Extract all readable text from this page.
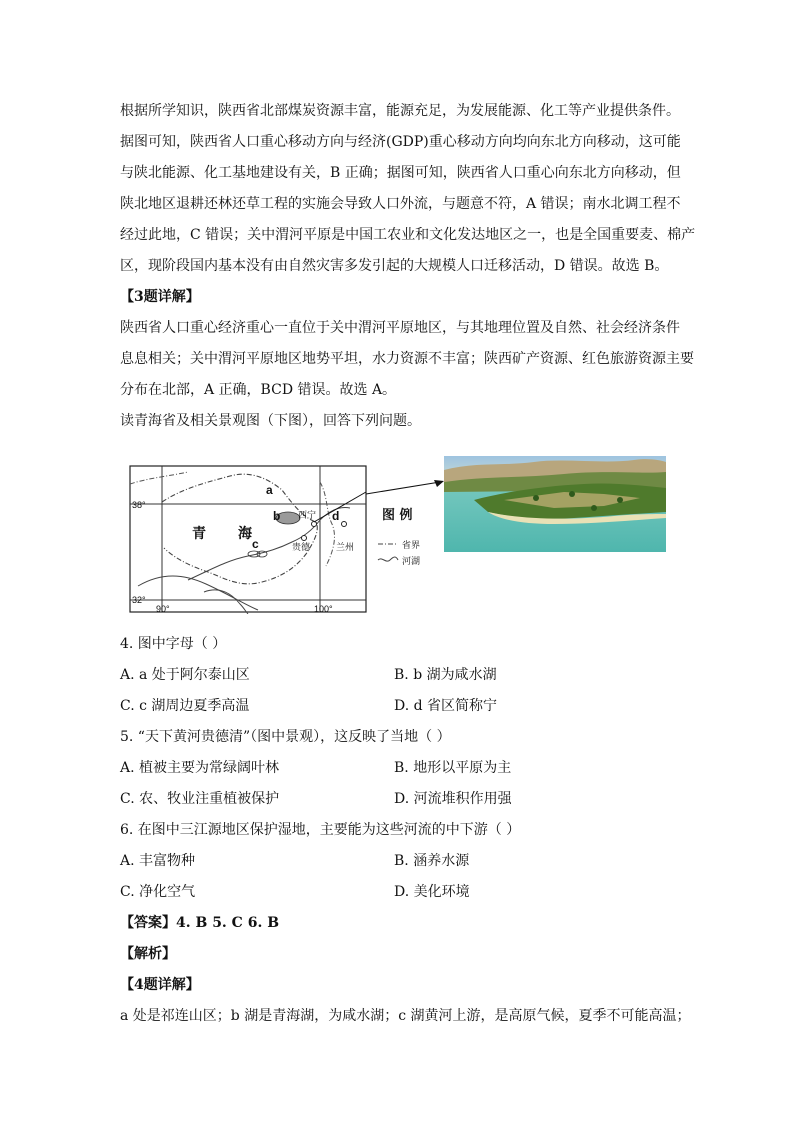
根据所学知识，陕西省北部煤炭资源丰富，能源充足，为发展能源、化工等产业提供条件。
据图可知，陕西省人口重心移动方向与经济(GDP)重心移动方向均向东北方向移动，这可能
与陕北能源、化工基地建设有关，B 正确；据图可知，陕西省人口重心向东北方向移动，但
陕北地区退耕还林还草工程的实施会导致人口外流，与题意不符，A 错误；南水北调工程不
经过此地，C 错误；关中渭河平原是中国工农业和文化发达地区之一，也是全国重要麦、棉产
区，现阶段国内基本没有由自然灾害多发引起的大规模人口迁移活动，D 错误。故选 B。
【3题详解】
陕西省人口重心经济重心一直位于关中渭河平原地区，与其地理位置及自然、社会经济条件
息息相关；关中渭河平原地区地势平坦，水力资源不丰富；陕西矿产资源、红色旅游资源主要
分布在北部，A 正确，BCD 错误。故选 A。
读青海省及相关景观图（下图），回答下列问题。
38°
32°
90°	100°
青 海
a
b
c
d
西宁
贵德	兰州
图 例
省界
河湖
4. 图中字母（ ）
A. a 处于阿尔泰山区	B. b 湖为咸水湖
C. c 湖周边夏季高温	D. d 省区简称宁
5. “天下黄河贵德清”（图中景观），这反映了当地（ ）
A. 植被主要为常绿阔叶林	B. 地形以平原为主
C. 农、牧业注重植被保护	D. 河流堆积作用强
6. 在图中三江源地区保护湿地，主要能为这些河流的中下游（ ）
A. 丰富物种	B. 涵养水源
C. 净化空气	D. 美化环境
【答案】4. B 5. C 6. B
【解析】
【4题详解】
a 处是祁连山区；b 湖是青海湖，为咸水湖；c 湖黄河上游，是高原气候，夏季不可能高温；
